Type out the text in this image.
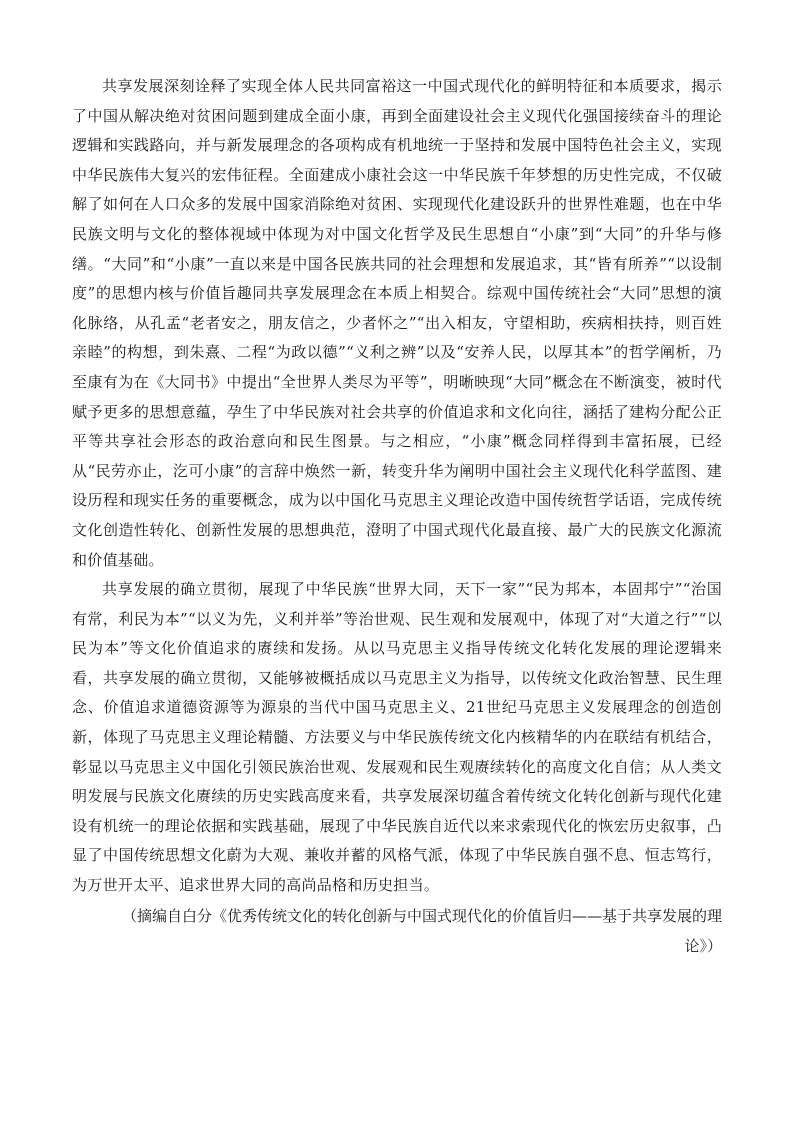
共享发展深刻诠释了实现全体人民共同富裕这一中国式现代化的鲜明特征和本质要求，揭示了中国从解决绝对贫困问题到建成全面小康，再到全面建设社会主义现代化强国接续奋斗的理论逻辑和实践路向，并与新发展理念的各项构成有机地统一于坚持和发展中国特色社会主义，实现中华民族伟大复兴的宏伟征程。全面建成小康社会这一中华民族千年梦想的历史性完成，不仅破解了如何在人口众多的发展中国家消除绝对贫困、实现现代化建设跃升的世界性难题，也在中华民族文明与文化的整体视域中体现为对中国文化哲学及民生思想自“小康”到“大同”的升华与修缮。“大同”和“小康”一直以来是中国各民族共同的社会理想和发展追求，其“皆有所养”“以设制度”的思想内核与价值旨趣同共享发展理念在本质上相契合。综观中国传统社会“大同”思想的演化脉络，从孔孟“老者安之，朋友信之，少者怀之”“出入相友，守望相助，疾病相扶持，则百姓亲睦”的构想，到朱熹、二程“为政以德”“义利之辨”以及“安养人民，以厚其本”的哲学阐析，乃至康有为在《大同书》中提出“全世界人类尽为平等”，明晰映现“大同”概念在不断演变，被时代赋予更多的思想意蕴，孕生了中华民族对社会共享的价值追求和文化向往，涵括了建构分配公正平等共享社会形态的政治意向和民生图景。与之相应，“小康”概念同样得到丰富拓展，已经从“民劳亦止，汔可小康”的言辞中焕然一新，转变升华为阐明中国社会主义现代化科学蓝图、建设历程和现实任务的重要概念，成为以中国化马克思主义理论改造中国传统哲学话语，完成传统文化创造性转化、创新性发展的思想典范，澄明了中国式现代化最直接、最广大的民族文化源流和价值基础。

共享发展的确立贯彻，展现了中华民族“世界大同，天下一家”“民为邦本，本固邦宁”“治国有常，利民为本”“以义为先，义利并举”等治世观、民生观和发展观中，体现了对“大道之行”“以民为本”等文化价值追求的赓续和发扬。从以马克思主义指导传统文化转化发展的理论逻辑来看，共享发展的确立贯彻，又能够被概括成以马克思主义为指导，以传统文化政治智慧、民生理念、价值追求道德资源等为源泉的当代中国马克思主义、21世纪马克思主义发展理念的创造创新，体现了马克思主义理论精髓、方法要义与中华民族传统文化内核精华的内在联结有机结合，彰显以马克思主义中国化引领民族治世观、发展观和民生观赓续转化的高度文化自信；从人类文明发展与民族文化赓续的历史实践高度来看，共享发展深切蕴含着传统文化转化创新与现代化建设有机统一的理论依据和实践基础，展现了中华民族自近代以来求索现代化的恢宏历史叙事，凸显了中国传统思想文化蔚为大观、兼收并蓄的风格气派，体现了中华民族自强不息、恒志笃行，为万世开太平、追求世界大同的高尚品格和历史担当。

（摘编自白分《优秀传统文化的转化创新与中国式现代化的价值旨归——基于共享发展的理论》）
